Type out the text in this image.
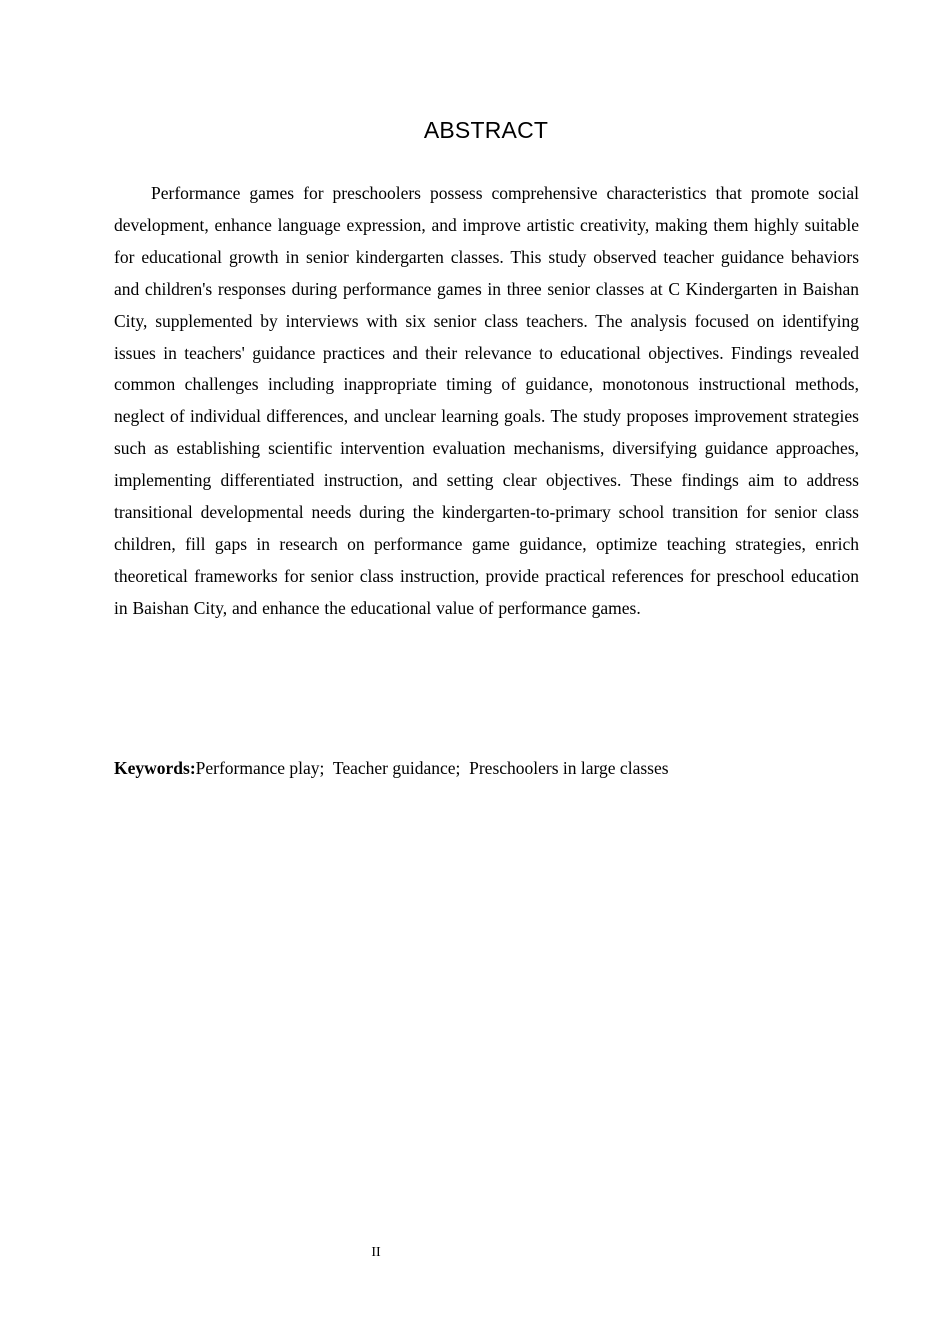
ABSTRACT

Performance games for preschoolers possess comprehensive characteristics that promote social development, enhance language expression, and improve artistic creativity, making them highly suitable for educational growth in senior kindergarten classes. This study observed teacher guidance behaviors and children's responses during performance games in three senior classes at C Kindergarten in Baishan City, supplemented by interviews with six senior class teachers. The analysis focused on identifying issues in teachers' guidance practices and their relevance to educational objectives. Findings revealed common challenges including inappropriate timing of guidance, monotonous instructional methods, neglect of individual differences, and unclear learning goals. The study proposes improvement strategies such as establishing scientific intervention evaluation mechanisms, diversifying guidance approaches, implementing differentiated instruction, and setting clear objectives. These findings aim to address transitional developmental needs during the kindergarten-to-primary school transition for senior class children, fill gaps in research on performance game guidance, optimize teaching strategies, enrich theoretical frameworks for senior class instruction, provide practical references for preschool education in Baishan City, and enhance the educational value of performance games.

Keywords:Performance play;  Teacher guidance;  Preschoolers in large classes

II
